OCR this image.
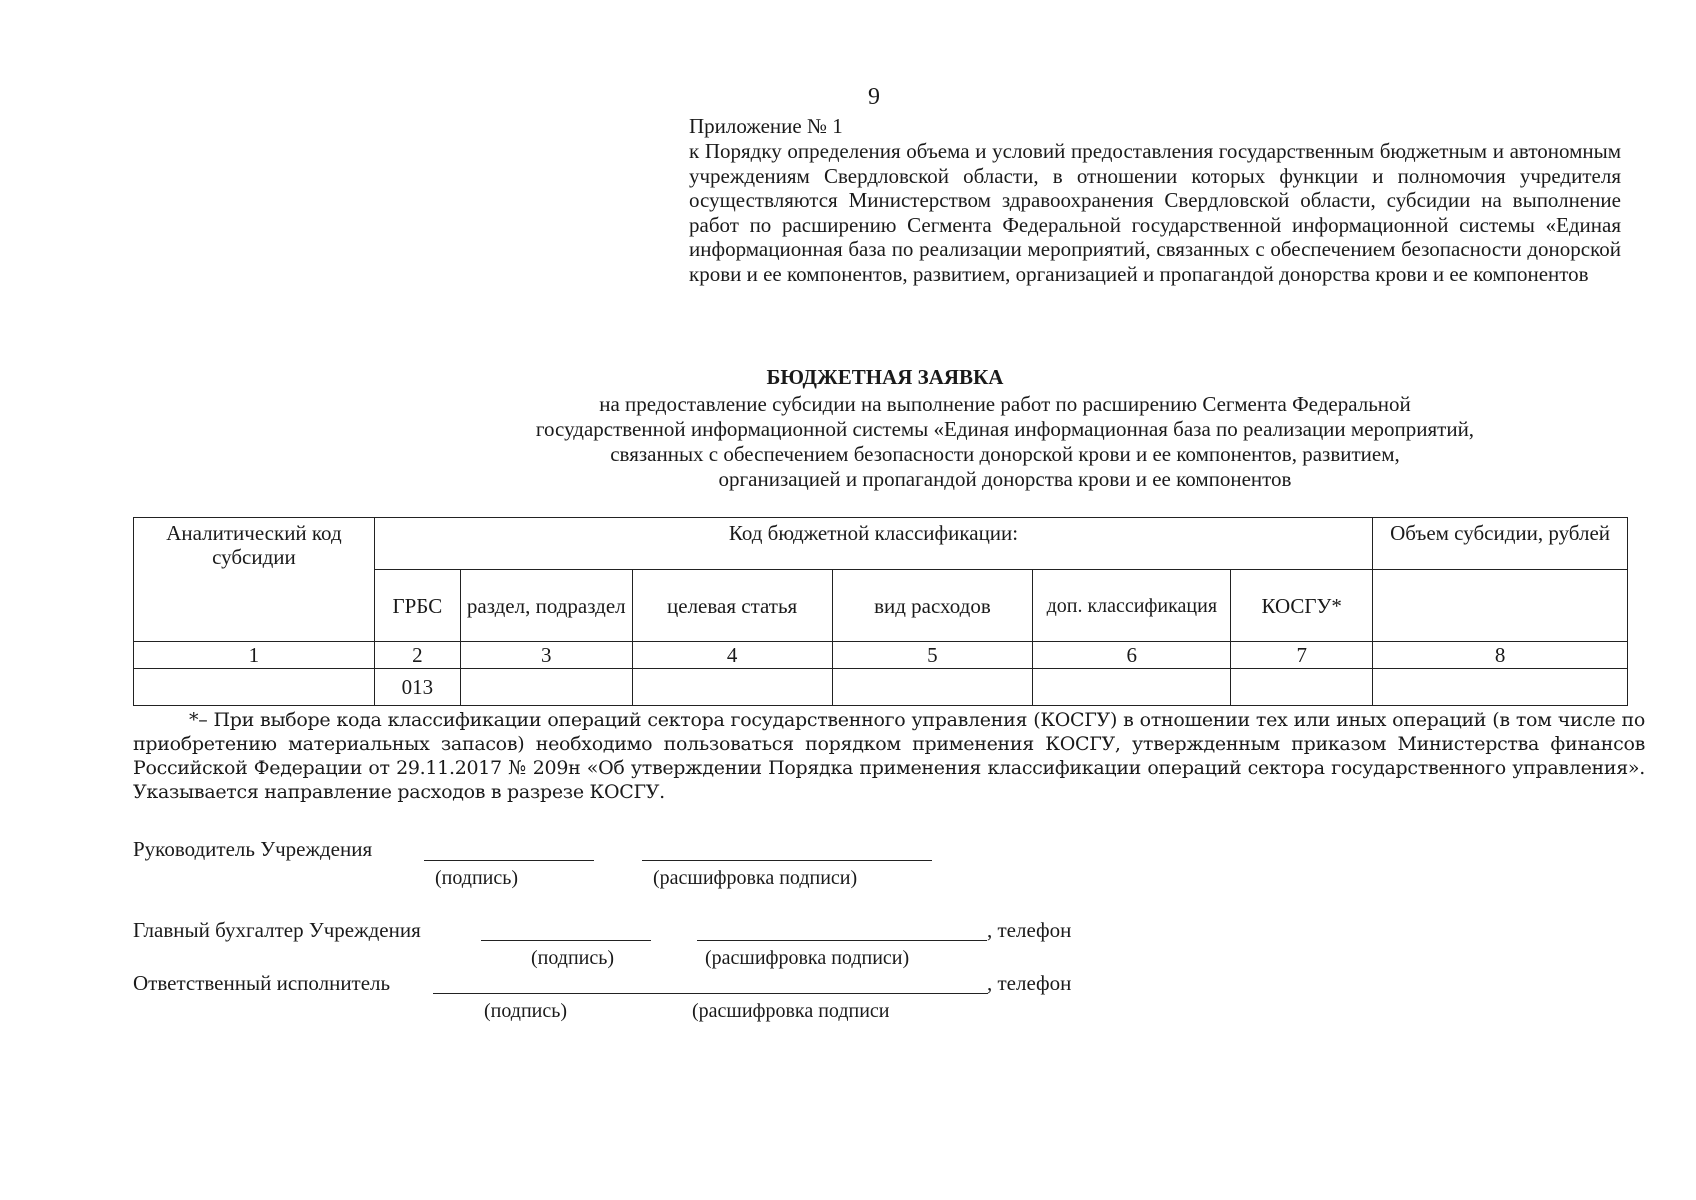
9
Приложение № 1
к Порядку определения объема и условий предоставления государственным бюджетным и автономным учреждениям Свердловской области, в отношении которых функции и полномочия учредителя осуществляются Министерством здравоохранения Свердловской области, субсидии на выполнение работ по расширению Сегмента Федеральной государственной информационной системы «Единая информационная база по реализации мероприятий, связанных с обеспечением безопасности донорской крови и ее компонентов, развитием, организацией и пропагандой донорства крови и ее компонентов
БЮДЖЕТНАЯ ЗАЯВКА
на предоставление субсидии на выполнение работ по расширению Сегмента Федеральной
государственной информационной системы «Единая информационная база по реализации мероприятий,
связанных с обеспечением безопасности донорской крови и ее компонентов, развитием,
организацией и пропагандой донорства крови и ее компонентов
Аналитический код субсидии	Код бюджетной классификации:						Объем субсидии, рублей
	ГРБС	раздел, подраздел	целевая статья	вид расходов	доп. классификация	КОСГУ*	
1	2	3	4	5	6	7	8
	013						
*– При выборе кода классификации операций сектора государственного управления (КОСГУ) в отношении тех или иных операций (в том числе по приобретению материальных запасов) необходимо пользоваться порядком применения КОСГУ, утвержденным приказом Министерства финансов Российской Федерации от 29.11.2017 № 209н «Об утверждении Порядка применения классификации операций сектора государственного управления». Указывается направление расходов в разрезе КОСГУ.
Руководитель Учреждения
(подпись)	(расшифровка подписи)
Главный бухгалтер Учреждения	, телефон
(подпись)	(расшифровка подписи)
Ответственный исполнитель	, телефон
(подпись)	(расшифровка подписи
